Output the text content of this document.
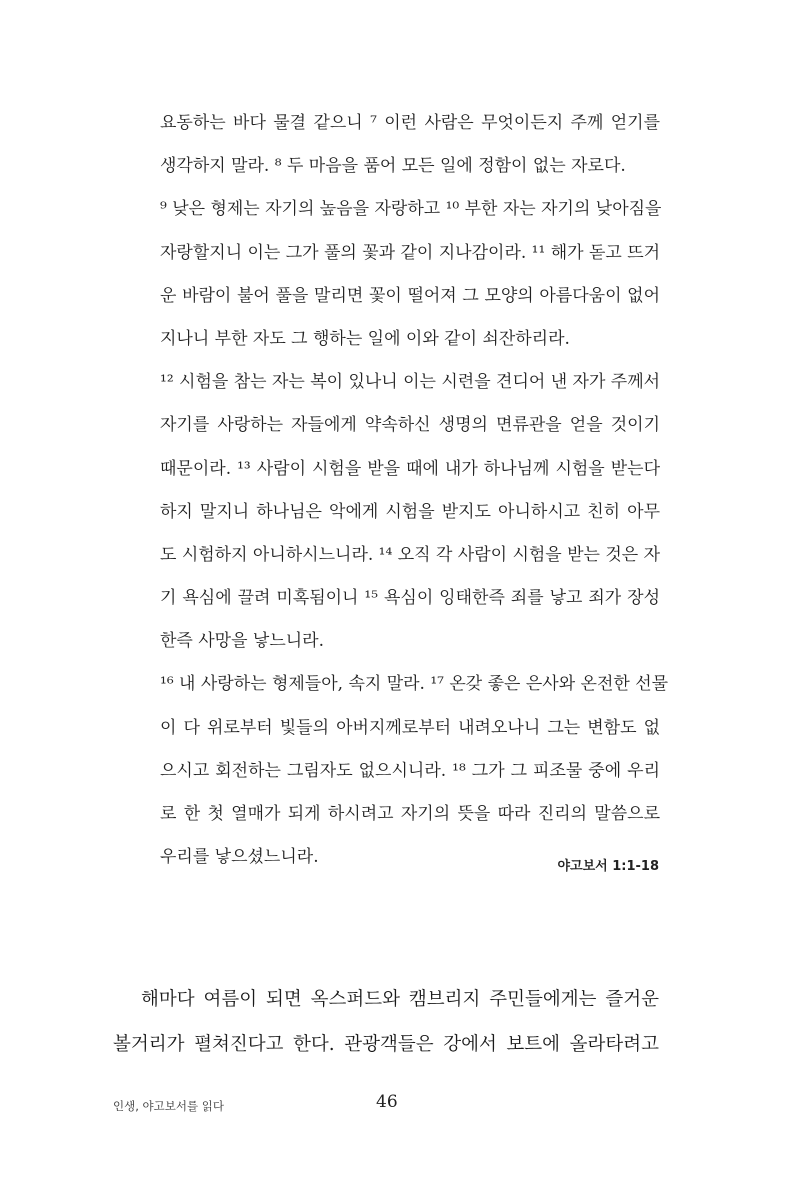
요동하는 바다 물결 같으니 ⁷ 이런 사람은 무엇이든지 주께 얻기를
생각하지 말라. ⁸ 두 마음을 품어 모든 일에 정함이 없는 자로다.
⁹ 낮은 형제는 자기의 높음을 자랑하고 ¹⁰ 부한 자는 자기의 낮아짐을
자랑할지니 이는 그가 풀의 꽃과 같이 지나감이라. ¹¹ 해가 돋고 뜨거
운 바람이 불어 풀을 말리면 꽃이 떨어져 그 모양의 아름다움이 없어
지나니 부한 자도 그 행하는 일에 이와 같이 쇠잔하리라.
¹² 시험을 참는 자는 복이 있나니 이는 시련을 견디어 낸 자가 주께서
자기를 사랑하는 자들에게 약속하신 생명의 면류관을 얻을 것이기
때문이라. ¹³ 사람이 시험을 받을 때에 내가 하나님께 시험을 받는다
하지 말지니 하나님은 악에게 시험을 받지도 아니하시고 친히 아무
도 시험하지 아니하시느니라. ¹⁴ 오직 각 사람이 시험을 받는 것은 자
기 욕심에 끌려 미혹됨이니 ¹⁵ 욕심이 잉태한즉 죄를 낳고 죄가 장성
한즉 사망을 낳느니라.
¹⁶ 내 사랑하는 형제들아, 속지 말라. ¹⁷ 온갖 좋은 은사와 온전한 선물
이 다 위로부터 빛들의 아버지께로부터 내려오나니 그는 변함도 없
으시고 회전하는 그림자도 없으시니라. ¹⁸ 그가 그 피조물 중에 우리
로 한 첫 열매가 되게 하시려고 자기의 뜻을 따라 진리의 말씀으로
우리를 낳으셨느니라.	야고보서 1:1-18
해마다 여름이 되면 옥스퍼드와 캠브리지 주민들에게는 즐거운
볼거리가 펼쳐진다고 한다. 관광객들은 강에서 보트에 올라타려고
인생, 야고보서를 읽다	46
